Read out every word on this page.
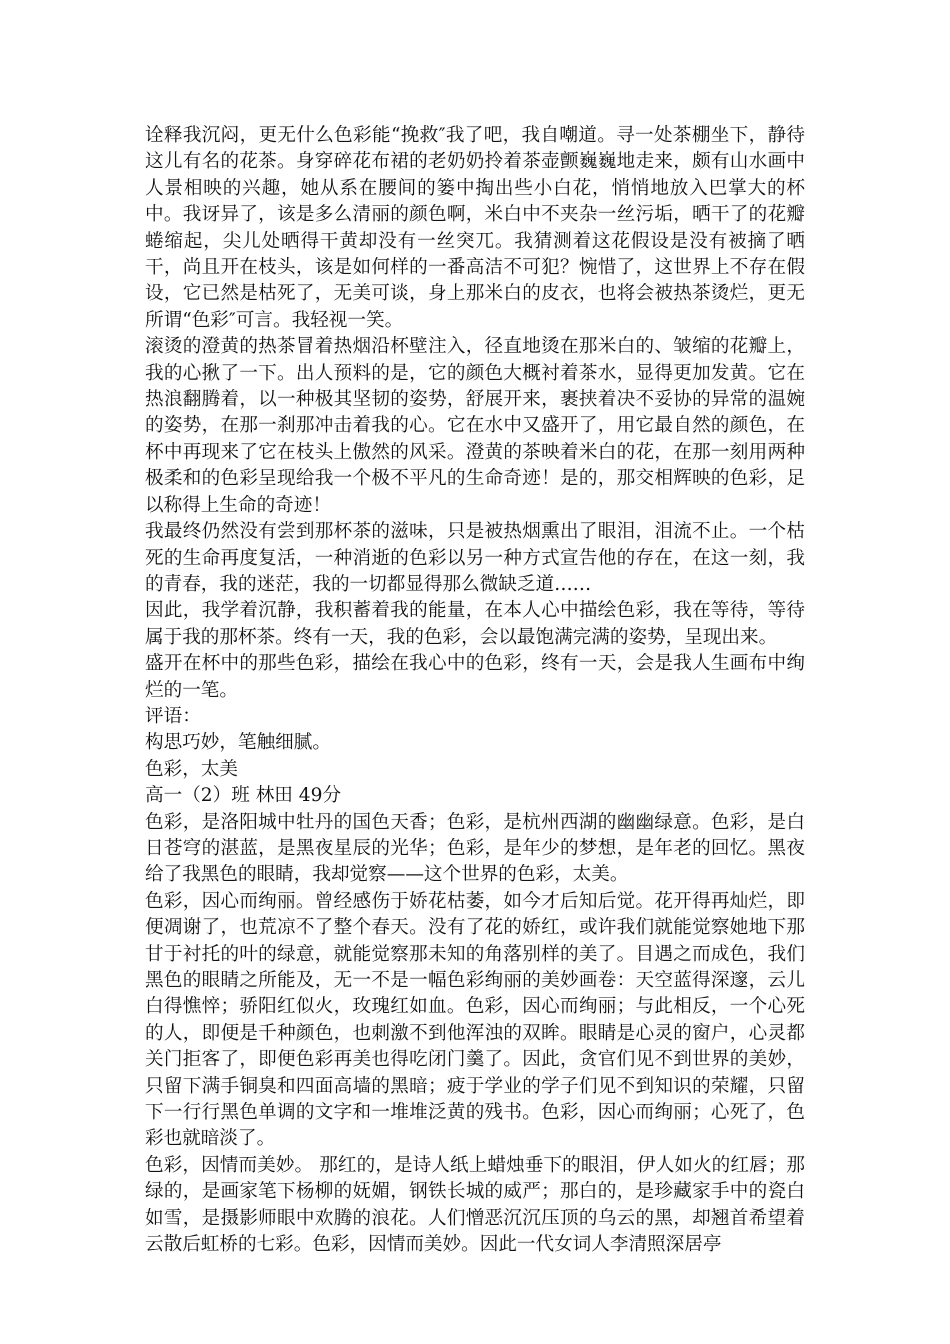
诠释我沉闷，更无什么色彩能“挽救″我了吧，我自嘲道。寻一处茶棚坐下，静待这儿有名的花茶。身穿碎花布裙的老奶奶拎着茶壶颤巍巍地走来，颇有山水画中人景相映的兴趣，她从系在腰间的篓中掏出些小白花，悄悄地放入巴掌大的杯中。我讶异了，该是多么清丽的颜色啊，米白中不夹杂一丝污垢，晒干了的花瓣蜷缩起，尖儿处晒得干黄却没有一丝突兀。我猜测着这花假设是没有被摘了晒干，尚且开在枝头，该是如何样的一番高洁不可犯？惋惜了，这世界上不存在假设，它已然是枯死了，无美可谈，身上那米白的皮衣，也将会被热茶烫烂，更无所谓“色彩″可言。我轻视一笑。

滚烫的澄黄的热茶冒着热烟沿杯壁注入，径直地烫在那米白的、皱缩的花瓣上，我的心揪了一下。出人预料的是，它的颜色大概衬着茶水，显得更加发黄。它在热浪翻腾着，以一种极其坚韧的姿势，舒展开来，裹挟着决不妥协的异常的温婉的姿势，在那一刹那冲击着我的心。它在水中又盛开了，用它最自然的颜色，在杯中再现来了它在枝头上傲然的风采。澄黄的茶映着米白的花，在那一刻用两种极柔和的色彩呈现给我一个极不平凡的生命奇迹！是的，那交相辉映的色彩，足以称得上生命的奇迹！

我最终仍然没有尝到那杯茶的滋味，只是被热烟熏出了眼泪，泪流不止。一个枯死的生命再度复活，一种消逝的色彩以另一种方式宣告他的存在，在这一刻，我的青春，我的迷茫，我的一切都显得那么微缺乏道……

因此，我学着沉静，我积蓄着我的能量，在本人心中描绘色彩，我在等待，等待属于我的那杯茶。终有一天，我的色彩，会以最饱满完满的姿势，呈现出来。

盛开在杯中的那些色彩，描绘在我心中的色彩，终有一天，会是我人生画布中绚烂的一笔。

评语：

构思巧妙，笔触细腻。

色彩，太美

高一（2）班 林田 49分

色彩，是洛阳城中牡丹的国色天香；色彩，是杭州西湖的幽幽绿意。色彩，是白日苍穹的湛蓝，是黑夜星辰的光华；色彩，是年少的梦想，是年老的回忆。黑夜给了我黑色的眼睛，我却觉察——这个世界的色彩，太美。

色彩，因心而绚丽。曾经感伤于娇花枯萎，如今才后知后觉。花开得再灿烂，即便凋谢了，也荒凉不了整个春天。没有了花的娇红，或许我们就能觉察她地下那甘于衬托的叶的绿意，就能觉察那未知的角落别样的美了。目遇之而成色，我们黑色的眼睛之所能及，无一不是一幅色彩绚丽的美妙画卷：天空蓝得深邃，云儿白得憔悴；骄阳红似火，玫瑰红如血。色彩，因心而绚丽；与此相反，一个心死的人，即便是千种颜色，也刺激不到他浑浊的双眸。眼睛是心灵的窗户，心灵都关门拒客了，即便色彩再美也得吃闭门羹了。因此，贪官们见不到世界的美妙，只留下满手铜臭和四面高墙的黑暗；疲于学业的学子们见不到知识的荣耀，只留下一行行黑色单调的文字和一堆堆泛黄的残书。色彩，因心而绚丽；心死了，色彩也就暗淡了。

色彩，因情而美妙。 那红的，是诗人纸上蜡烛垂下的眼泪，伊人如火的红唇；那绿的，是画家笔下杨柳的妩媚，钢铁长城的威严；那白的，是珍藏家手中的瓷白如雪，是摄影师眼中欢腾的浪花。人们憎恶沉沉压顶的乌云的黑，却翘首希望着云散后虹桥的七彩。色彩，因情而美妙。因此一代女词人李清照深居亭
